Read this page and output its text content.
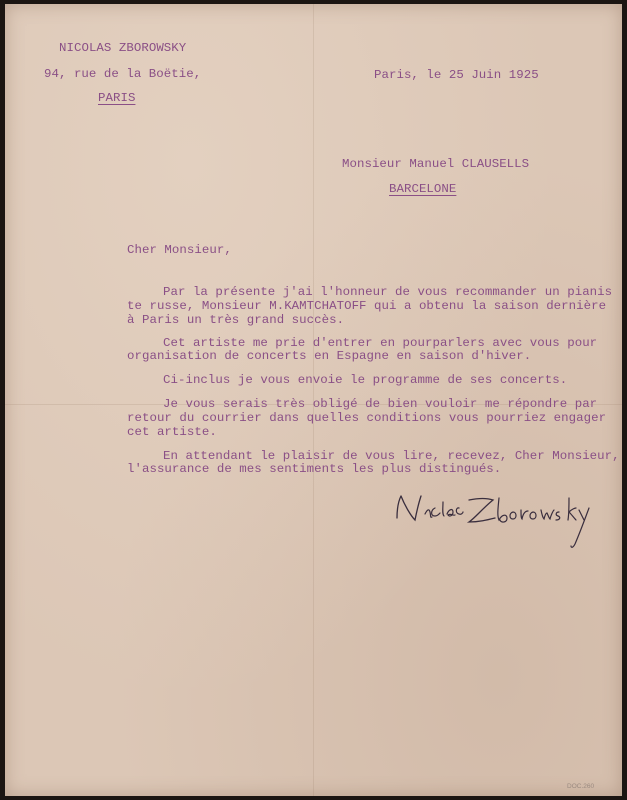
NICOLAS ZBOROWSKY
94, rue de la Boëtie,
PARIS
Paris, le 25 Juin 1925
Monsieur Manuel CLAUSELLS
BARCELONE
Cher Monsieur,
Par la présente j'ai l'honneur de vous recommander un pianis
te russe, Monsieur M.KAMTCHATOFF qui a obtenu la saison dernière
à Paris un très grand succès.
Cet artiste me prie d'entrer en pourparlers avec vous pour
organisation de concerts en Espagne en saison d'hiver.
Ci-inclus je vous envoie le programme de ses concerts.
Je vous serais très obligé de bien vouloir me répondre par
retour du courrier dans quelles conditions vous pourriez engager
cet artiste.
En attendant le plaisir de vous lire, recevez, Cher Monsieur,
l'assurance de mes sentiments les plus distingués.
DOC.260
